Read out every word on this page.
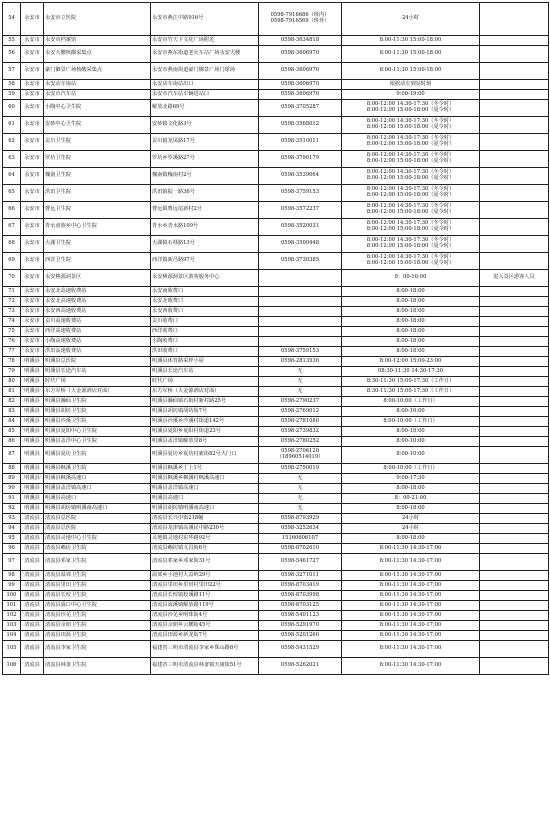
54	永安市	永安市立医院	永安市燕江中路916号	0598-7916686（班内）
0598-7916569（班外）	24小时	
55	永安市	永安市档案馆	永安市竹天下文化广场附近	0598-3634818	8:00-11:30 15:00-18:00	
56	永安市	永安大腰核酸采集点	永安市燕东街道老火车站广场永安大腰	0598-3606970	8:00-11:30 15:00-18:00	
57	永安市	豪门御景广场核酸采集点	永安市燕南街道豪门御景广场门球场	0598-3606970	8:00-11:30 15:00-18:00	
58	永安市	永安动车南站	永安动车南站出口	0598-3606970	根据动车到站时刻	
59	永安市	永安市汽车站	永安市汽车站车辆进站口	0598-3606970	9:00-19:00	
60	永安市	小陶中心卫生院	解放北路69号	0598-3705287	8:00-12:00 14:30-17:30（冬令时）
8:00-12:00 15:00-18:00（夏令时）	
61	永安市	安砂中心卫生院	安砂镇文化路3号	0598-3568012	8:00-12:00 14:30-17:30（冬令时）
8:00-12:00 15:00-18:00（夏令时）	
62	永安市	贡川卫生院	贡川镇龙凤路17号	0598-3510011	8:00-12:00 14:30-17:30（冬令时）
8:00-12:00 15:00-18:00（夏令时）	
63	永安市	罗坊卫生院	罗坊乡罗溪路27号	0598-3790179	8:00-12:00 14:30-17:30（冬令时）
8:00-12:00 15:00-18:00（夏令时）	
64	永安市	槐南卫生院	槐南镇槐南村2号	0598-3539064	8:00-12:00 14:30-17:30（冬令时）
8:00-12:00 15:00-18:00（夏令时）	
65	永安市	洪田卫生院	洪田镇振一路36号	0598-3759153	8:00-12:00 14:30-17:30（冬令时）
8:00-12:00 15:00-18:00（夏令时）	
66	永安市	曹远卫生院	曹远镇曹远尾新村2号	0598-3572237	8:00-12:00 14:30-17:30（冬令时）
8:00-12:00 15:00-18:00（夏令时）	
67	永安市	青水畲族乡中心卫生院	青水乡青水路109号	0598-3520031	8:00-12:00 14:30-17:30（冬令时）
8:00-12:00 15:00-18:00（夏令时）	
68	永安市	大湖卫生院	大湖镇石林路13号	0598-3500448	8:00-12:00 14:30-17:30（冬令时）
8:00-12:00 15:00-18:00（夏令时）	
69	永安市	西洋卫生院	西洋镇新昌路97号	0598-3730385	8:00-12:00 14:30-17:30（冬令时）
8:00-12:00 15:00-18:00（夏令时）	
70	永安市	永安桃源洞景区	永安桃源洞景区游客服务中心		9：00-16:00	进入景区游客人员
71	永安市	永安北高速收费站	永安南收费口		8:00-18:00	
72	永安市	永安北高速收费站	永安北收费口		8:00-18:00	
73	永安市	永安西高速收费站	永安西收费口		8:00-18:00	
74	永安市	贡川高速收费站	贡川收费口		8:00-18:00	
75	永安市	西洋高速收费站	西洋收费口		8:00-18:00	
76	永安市	小陶高速收费站	小陶收费口		8:00-18:00	
77	永安市	洪田高速收费站	洪田收费口	0598-3759153	8:00-18:00	
78	明溪县	明溪县总医院	明溪县体育路采样小屋	0598-2813536	8:00-12:00 15:00-23:00	
79	明溪县	明溪县长途汽车站	明溪县长途汽车站	无	08:30-11:30 14:30-17:30	
80	明溪县	时代广场	时代广场	无	8:30-11:30 15:00-17:30（工作日）	
81	明溪县	东方军桥（大金源酒店对面）	东方军桥（大金源酒店对面）	无	8:30-11:30 15:00-17:30（工作日）	
82	明溪县	明溪县瀚仙卫生院	明溪县瀚仙镇石街村新村路25号	0598-2790237	8:00-10:00（工作日）	
83	明溪县	明溪县胡坊卫生院	明溪县胡坊镇胡坊街7号	0598-2769012	8:00-10:00	
84	明溪县	明溪县沙溪卫生院	明溪县沙溪乡沙溪村街道142号	0598-2781080	8:00-10:00（工作日）	
85	明溪县	明溪县夏阳中心卫生院	明溪县夏阳乡夏阳村街道23号	0598-2739832	8:00-10:00	
86	明溪县	明溪县盖洋中心卫生院	明溪县盖洋镇解放里8号	0598-2780252	8:00-10:00	
87	明溪县	明溪县夏坊卫生院	明溪县夏坊乡夏坊村新街82号大门口	0598-2706120（18960514019）	8:00-10:00	
88	明溪县	明溪县枫溪卫生院	明溪县枫溪乡丁上1号	0598-2750019	8:00-10:00（工作日）	
89	明溪县	明溪县枫溪高速口	明溪县枫溪乡枫溪村枫溪高速口	无	9:00-17:30	
90	明溪县	明溪县盖洋镇高速口	明溪县盖洋镇高速口	无	8:00-18:00	
91	明溪县	明溪县高速口	明溪县高速口	无	8：00-21:00	
92	明溪县	明溪县胡坊镇明溪南高速口	明溪县胡坊镇明溪南高速口	无	8:00-18:00	
93	清流县	清流县总医院	清流县长兴中街218幢	0598-8793929	24小时	
94	清流县	清流县总医院	清流县龙津镇高溪民中路230号	0598-3252634	24小时	
95	清流县	清流县灵地中心卫生院	灵地镇灵地村东华路92号	15160606107	8:00-18:00	
96	清流县	清流县赖坊卫生院	清流县赖坊镇文昌街6号	0598-8702610	8:00-11:30 14:30-17:00	
97	清流县	清流县邓家卫生院	清流县邓家乡邓家街31号	0598-5461727	8:00-11:30 14:30-17:00	
98	清流县	清流县温郊卫生院	温郊乡小池村大益岭29号	0598-3271011	8:00-11:30 14:30-17:00	
99	清流县	清流县里田卫生院	清流县里田乡里田村里田22号	0598-8703419	8:00-11:30 14:30-17:00	
100	清流县	清流县长校卫生院	清流县长校镇校溪路11号	0598-8703998	8:00-11:30 14:30-17:00	
101	清流县	清流县嵩口中心卫生院	清流县嵩溪镇解放路119号	0598-8703125	8:00-11:30 14:30-17:00	
102	清流县	清流县沙芜卫生院	清流县沙芜乡明珠街4号	0598-5401123	8:00-11:30 14:30-17:00	
103	清流县	清流县余朋卫生院	清流县余朋乡云鹏街45号	0598-5291970	8:00-11:30 14:30-17:00	
104	清流县	清流县田源卫生院	清流县田源乡新龙街7号	0598-5201260	8:00-11:30 14:30-17:00	
105	清流县	清流县李家卫生院	福建省三明市清流县李家乡珠山路8号	0598-5431529	8:00-11:30 14:30-17:00	
106	清流县	清流县林畲卫生院	福建省三明市清流县林畲镇天康街51号	0598-5262021	8:00-11:30 14:30-17:00	
